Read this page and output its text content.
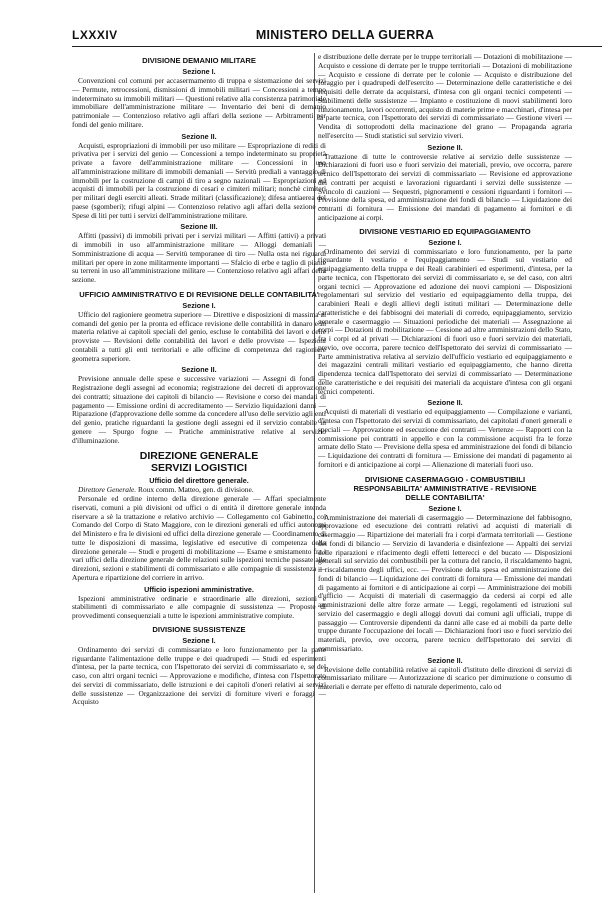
LXXXIV	MINISTERO DELLA GUERRA
DIVISIONE DEMANIO MILITARE
Sezione I.

Convenzioni col comuni per accasermamento di truppa e sistemazione dei servizi — Permute, retrocessioni, dismissioni di immobili militari — Concessioni a tempo indeterminato su immobili militari — Questioni relative alla consistenza patrimoniale immobiliare dell'amministrazione militare — Inventario dei beni di demanio patrimoniale — Contenzioso relativo agli affari della sezione — Arbitramenti per fondi del genio militare.

Sezione II.

Acquisti, espropriazioni di immobili per uso militare — Espropriazione di rediti di privativa per i servizi del genio — Concessioni a tempo indeterminato su proprietà private a favore dell'amministrazione militare — Concessioni in uso all'amministrazione militare di immobili demaniali — Servitù prediali a vantaggio di immobili per la costruzione di campi di tiro a segno nazionali — Espropriazioni ed acquisti di immobili per la costruzione di cesari e cimiteri militari; nonchè cimiteri per militari degli eserciti alleati. Strade militari (classificazione); difesa antiaerea del paese (sgomberi); rifugi alpini — Contenzioso relativo agli affari della sezione — Spese di liti per tutti i servizi dell'amministrazione militare.

Sezione III.

Affitti (passivi) di immobili privati per i servizi militari — Affitti (attivi) a privati di immobili in uso all'amministrazione militare — Alloggi demaniali — Somministrazione di acqua — Servitù temporanee di tiro — Nulla osta nei riguardi militari per opere in zone militarmente importanti — Sfalcio di erbe e taglio di piante su terreni in uso all'amministrazione militare — Contenzioso relativo agli affari della sezione.

UFFICIO AMMINISTRATIVO E DI REVISIONE DELLE CONTABILITA'
Sezione I.

Ufficio del ragioniere geometra superiore — Direttive e disposizioni di massima ai comandi del genio per la pronta ed efficace revisione delle contabilità in danaro e in materia relative ai capitoli speciali del genio, escluse le contabilità dei lavori e delle provviste — Revisioni delle contabilità dei lavori e delle provviste — Ispezioni contabili a tutti gli enti territoriali e alle officine di competenza del ragioniere geometra superiore.

Sezione II.

Previsione annuale delle spese e successive variazioni — Assegni di fondi — Registrazione degli assegni ad economia; registrazione dei decreti di approvazione dei contratti; situazione dei capitoli di bilancio — Revisione e corso dei mandati di pagamento — Emissione ordini di accreditamento — Servizio liquidazioni danni — Riparazione (d'approvazione delle somme da concedere all'uso delle servizio agli enti del genio, pratiche riguardanti la gestione degli assegni ed il servizio contabile in genere — Spurgo fogne — Pratiche amministrative relative al servizio d'illuminazione.

DIREZIONE GENERALE
SERVIZI LOGISTICI
Ufficio del direttore generale.

Direttore Generale. Roux comm. Matteo, gen. di divisione.

Personale ed ordine interno della direzione generale — Affari specialmente riservati, comuni a più divisioni od uffici o di entità il direttore generale intenda riservare a sè la trattazione e relativo archivio — Collegamento col Gabinetto, col Comando del Corpo di Stato Maggiore, con le direzioni generali ed uffici autonomi del Ministero e fra le divisioni ed uffici della direzione generale — Coordinamento di tutte le disposizioni di massima, legislative ed esecutive di competenza della direzione generale — Studi e progetti di mobilitazione — Esame e smistamento fra i vari uffici della direzione generale delle relazioni sulle ispezioni tecniche passate alle direzioni, sezioni e stabilimenti di commissariato e alle compagnie di sussistenza — Apertura e ripartizione del corriere in arrivo.

Ufficio ispezioni amministrative.

Ispezioni amministrative ordinarie e straordinarie alle direzioni, sezioni e stabilimenti di commissariato e alle compagnie di sussistenza — Proposte di provvedimenti consequenziali a tutte le ispezioni amministrative compiute.

DIVISIONE SUSSISTENZE
Sezione I.

Ordinamento dei servizi di commissariato e loro funzionamento per la parte riguardante l'alimentazione delle truppe e dei quadrupedi — Studi ed esperimenti d'intesa, per la parte tecnica, con l'Ispettorato dei servizi di commissariato e, se del caso, con altri organi tecnici — Approvazione e modifiche, d'intesa con l'Ispettorato dei servizi di commissariato, delle istruzioni e dei capitoli d'oneri relativi ai servizi delle sussistenze — Organizzazione dei servizi di forniture viveri e foraggi — Acquisto

e distribuzione delle derrate per le truppe territoriali — Dotazioni di mobilitazione — Acquisto e cessione di derrate per le truppe territoriali — Dotazioni di mobilitazione — Acquisto e cessione di derrate per le colonie — Acquisto e distribuzione del foraggio per i quadrupedi dell'esercito — Determinazione delle caratteristiche e dei requisiti delle derrate da acquistarsi, d'intesa con gli organi tecnici competenti — Stabilimenti delle sussistenze — Impianto e costituzione di nuovi stabilimenti loro funzionamento, lavori occorrenti, acquisto di materie prime e macchinari, d'intesa per la parte tecnica, con l'Ispettorato dei servizi di commissariato — Gestione viveri — Vendita di sottoprodotti della macinazione del grano — Propaganda agraria nell'esercito — Studi statistici sul servizio viveri.

Sezione II.

Trattazione di tutte le controversie relative ai servizio delle sussistenze — Dichiarazioni di fuori uso e fuori servizio dei materiali, previo, ove occorra, parere tecnico dell'Ispettorato dei servizi di commissariato — Revisione ed approvazione dei contratti per acquisti e lavorazioni riguardanti i servizi delle sussistenze — Svincolo di cauzioni — Sequestri, pignoramenti e cessioni riguardanti i fornitori — Previsione della spesa, ed amministrazione dei fondi di bilancio — Liquidazione dei contratti di fornitura — Emissione dei mandati di pagamento ai fornitori e di anticipazione ai corpi.

DIVISIONE VESTIARIO ED EQUIPAGGIAMENTO
Sezione I.

Ordinamento dei servizi di commissariato e loro funzionamento, per la parte riguardante il vestiario e l'equipaggiamento — Studi sul vestiario ed equipaggiamento della truppa e dei Reali carabinieri ed esperimenti, d'intesa, per la parte tecnica, con l'Ispettorato dei servizi di commissariato e, se del caso, con altri organi tecnici — Approvazione ed adozione dei nuovi campioni — Disposizioni regolamentari sul servizio del vestiario ed equipaggiamento della truppa, dei carabinieri Reali e degli allievi degli istituti militari — Determinazione delle caratteristiche e dei fabbisogni dei materiali di corredo, equipaggiamento, servizio generale e casermaggio — Situazioni periodiche dei materiali — Assegnazione ai corpi — Dotazioni di mobilitazione — Cessione ad altre amministrazioni dello Stato, fra i corpi ed al privati — Dichiarazioni di fuori uso e fuori servizio dei materiali, previo, ove occorra, parere tecnico dell'Ispettorato dei servizi di commissariato — Parte amministrativa relativa al servizio dell'ufficio vestiario ed equipaggiamento e dei magazzini centrali militari vestiario ed equipaggiamento, che hanno diretta dipendenza tecnica dall'Ispettorato dei servizi di commissariato — Determinazione delle caratteristiche e dei requisiti dei materiali da acquistare d'intesa con gli organi tecnici competenti.

Sezione II.

Acquisti di materiali di vestiario ed equipaggiamento — Compilazione e varianti, d'intesa con l'Ispettorato dei servizi di commissariato, dei capitolati d'oneri generali e speciali — Approvazione ed esecuzione dei contratti — Vertenze — Rapporti con la commissione pei contratti in appello e con la commissione acquisti fra le forze armate dello Stato — Previsione della spesa ed amministrazione dei fondi di bilancio — Liquidazione dei contratti di fornitura — Emissione dei mandati di pagamento ai fornitori e di anticipazione ai corpi — Alienazione di materiali fuori uso.

DIVISIONE CASERMAGGIO - COMBUSTIBILI
RESPONSABILITA' AMMINISTRATIVE - REVISIONE
DELLE CONTABILITA'
Sezione I.

Amministrazione dei materiali di casermaggio — Determinazione del fabbisogno, approvazione ed esecuzione dei contratti relativi ad acquisti di materiali di casermaggio — Ripartizione dei materiali fra i corpi d'armata territoriali — Gestione dei fondi di bilancio — Servizio di lavanderia e disinfezione — Appalti dei servizi delle riparazioni e rifacimento degli effetti letterecci e del bucato — Disposizioni generali sul servizio dei combustibili per la cottura del rancio, il riscaldamento bagni, il riscaldamento degli uffici, ecc. — Previsione della spesa ed amministrazione dei fondi di bilancio — Liquidazione dei contratti di fornitura — Emissione dei mandati di pagamento ai fornitori e di anticipazione ai corpi — Amministrazione dei mobili d'ufficio — Acquisti di materiali di casermaggio da cedersi ai corpi ed alle amministrazioni delle altre forze armate — Leggi, regolamenti ed istruzioni sul servizio del casermaggio e degli alloggi dovuti dai comuni agli ufficiali, truppe di passaggio — Controversie dipendenti da danni alle case ed ai mobili da parte delle truppe durante l'occupazione dei locali — Dichiarazioni fuori uso e fuori servizio dei materiali, previo, ove occorra, parere tecnico dell'Ispettorato dei servizi di commissariato.

Sezione II.

Revisione delle contabilità relative ai capitoli d'istituto delle direzioni di servizi di commissariato militare — Autorizzazione di scarico per diminuzione o consumo di materiali e derrate per effetto di naturale deperimento, calo od
